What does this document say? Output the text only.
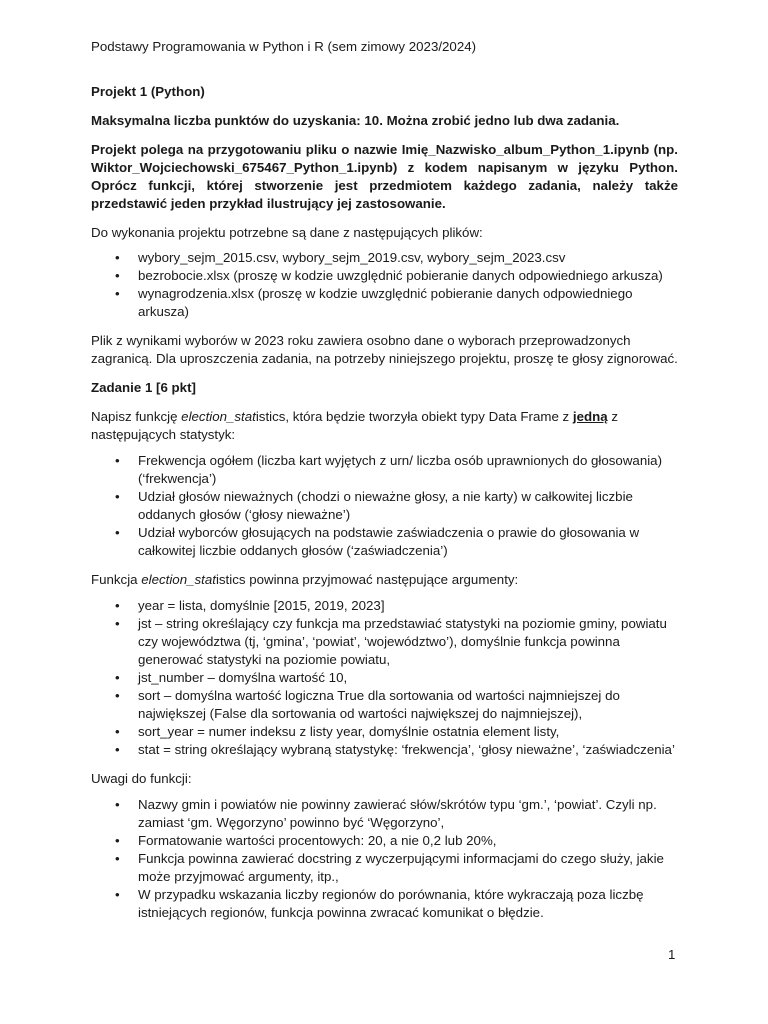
Podstawy Programowania w Python i R (sem zimowy 2023/2024)

Projekt 1 (Python)

Maksymalna liczba punktów do uzyskania: 10. Można zrobić jedno lub dwa zadania.

Projekt polega na przygotowaniu pliku o nazwie Imię_Nazwisko_album_Python_1.ipynb (np. Wiktor_Wojciechowski_675467_Python_1.ipynb) z kodem napisanym w języku Python. Oprócz funkcji, której stworzenie jest przedmiotem każdego zadania, należy także przedstawić jeden przykład ilustrujący jej zastosowanie.

Do wykonania projektu potrzebne są dane z następujących plików:

• wybory_sejm_2015.csv, wybory_sejm_2019.csv, wybory_sejm_2023.csv
• bezrobocie.xlsx (proszę w kodzie uwzględnić pobieranie danych odpowiedniego arkusza)
• wynagrodzenia.xlsx (proszę w kodzie uwzględnić pobieranie danych odpowiedniego arkusza)

Plik z wynikami wyborów w 2023 roku zawiera osobno dane o wyborach przeprowadzonych zagranicą. Dla uproszczenia zadania, na potrzeby niniejszego projektu, proszę te głosy zignorować.

Zadanie 1 [6 pkt]

Napisz funkcję election_statistics, która będzie tworzyła obiekt typy Data Frame z jedną z następujących statystyk:

• Frekwencja ogółem (liczba kart wyjętych z urn/ liczba osób uprawnionych do głosowania) (‘frekwencja’)
• Udział głosów nieważnych (chodzi o nieważne głosy, a nie karty) w całkowitej liczbie oddanych głosów (‘głosy nieważne’)
• Udział wyborców głosujących na podstawie zaświadczenia o prawie do głosowania w całkowitej liczbie oddanych głosów (‘zaświadczenia’)

Funkcja election_statistics powinna przyjmować następujące argumenty:

• year = lista, domyślnie [2015, 2019, 2023]
• jst – string określający czy funkcja ma przedstawiać statystyki na poziomie gminy, powiatu czy województwa (tj, ‘gmina’, ‘powiat’, ‘województwo’), domyślnie funkcja powinna generować statystyki na poziomie powiatu,
• jst_number – domyślna wartość 10,
• sort – domyślna wartość logiczna True dla sortowania od wartości najmniejszej do największej (False dla sortowania od wartości największej do najmniejszej),
• sort_year = numer indeksu z listy year, domyślnie ostatnia element listy,
• stat = string określający wybraną statystykę: ‘frekwencja’, ‘głosy nieważne’, ‘zaświadczenia’

Uwagi do funkcji:

• Nazwy gmin i powiatów nie powinny zawierać słów/skrótów typu ‘gm.’, ‘powiat’. Czyli np. zamiast ‘gm. Węgorzyno’ powinno być ‘Węgorzyno’,
• Formatowanie wartości procentowych: 20, a nie 0,2 lub 20%,
• Funkcja powinna zawierać docstring z wyczerpującymi informacjami do czego służy, jakie może przyjmować argumenty, itp.,
• W przypadku wskazania liczby regionów do porównania, które wykraczają poza liczbę istniejących regionów, funkcja powinna zwracać komunikat o błędzie.
1
